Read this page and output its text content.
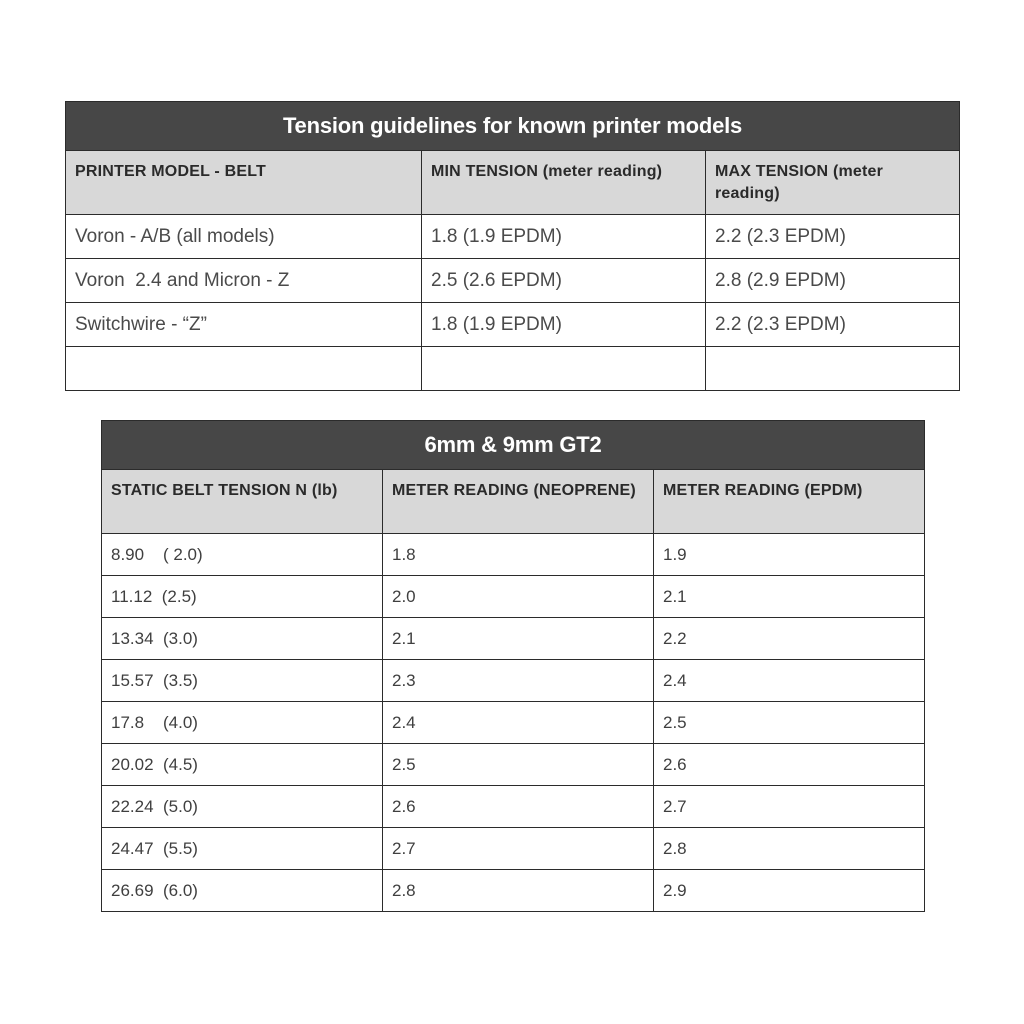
Tension guidelines for known printer models		
PRINTER MODEL - BELT	MIN TENSION (meter reading)	MAX TENSION (meter reading)
Voron - A/B (all models)	1.8 (1.9 EPDM)	2.2 (2.3 EPDM)
Voron  2.4 and Micron - Z	2.5 (2.6 EPDM)	2.8 (2.9 EPDM)
Switchwire - “Z”	1.8 (1.9 EPDM)	2.2 (2.3 EPDM)

6mm & 9mm GT2		
STATIC BELT TENSION N (lb)	METER READING (NEOPRENE)	METER READING (EPDM)
8.90    ( 2.0)	1.8	1.9
11.12  (2.5)	2.0	2.1
13.34  (3.0)	2.1	2.2
15.57  (3.5)	2.3	2.4
17.8    (4.0)	2.4	2.5
20.02  (4.5)	2.5	2.6
22.24  (5.0)	2.6	2.7
24.47  (5.5)	2.7	2.8
26.69  (6.0)	2.8	2.9
